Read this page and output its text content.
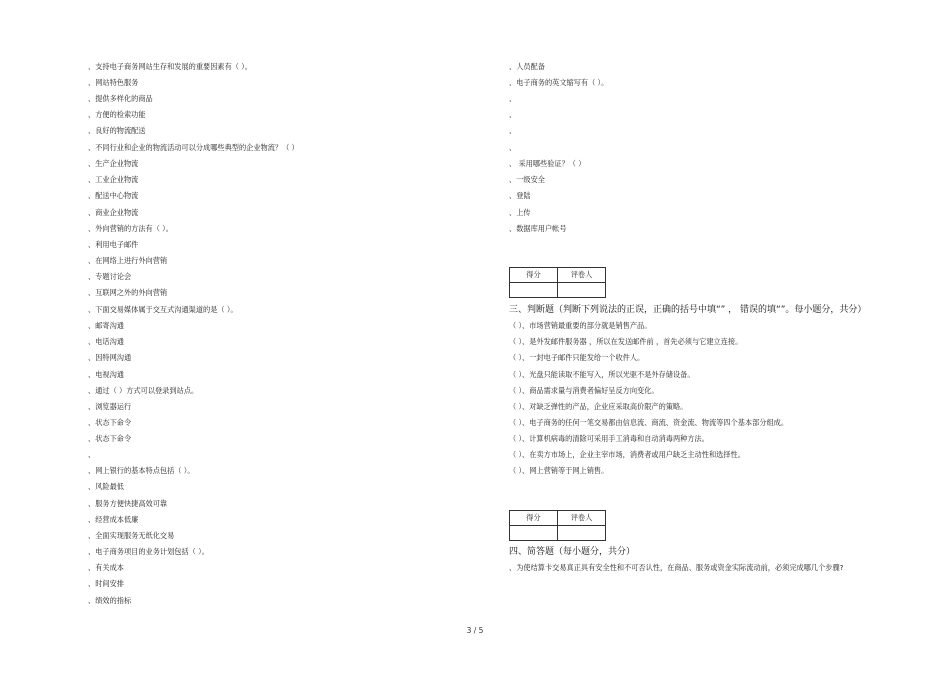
、支持电子商务网站生存和发展的重要因素有（ ）。
、网站特色服务
、提供多样化的商品
、方便的检索功能
、良好的物流配送
、不同行业和企业的物流活动可以分成哪些典型的企业物流？（ ）
、生产企业物流
、工业企业物流
、配送中心物流
、商业企业物流
、外向营销的方法有（ ）。
、利用电子邮件
、在网络上进行外向营销
、专题讨论会
、互联网之外的外向营销
、下面交易媒体属于交互式沟通渠道的是（ ）。
、邮寄沟通
、电话沟通
、因特网沟通
、电视沟通
、通过（ ）方式可以登录到站点。
、浏览器运行
、状态下命令
、状态下命令
、
、网上银行的基本特点包括（ ）。
、风险最低
、服务方便快捷高效可靠
、经营成本低廉
、全面实现服务无纸化交易
、电子商务项目的业务计划包括（ ）。
、有关成本
、时间安排
、绩效的指标
、人员配备
、电子商务的英文缩写有（ ）。
、
、
、
、
、 采用哪些验证？（ ）
、一级安全
、登陆
、上传
、数据库用户帐号
得分	评卷人

三、判断题（判断下列说法的正误，正确的括号中填“” ， 错误的填“”。每小题分，共分）
（ ）、市场营销最重要的部分就是销售产品。
（ ）、是外发邮件服务器 ，所以在发送邮件前 ，首先必须与它建立连接。
（ ）、一封电子邮件只能发给一个收件人。
（ ）、光盘只能读取不能写入，所以光驱不是外存储设备。
（ ）、商品需求量与消费者偏好呈反方向变化。
（ ）、对缺乏弹性的产品，企业应采取高价限产的策略。
（ ）、电子商务的任何一笔交易都由信息流、商流、资金流、物流等四个基本部分组成。
（ ）、计算机病毒的清除可采用手工消毒和自动消毒两种方法。
（ ）、在卖方市场上，企业主宰市场，消费者或用户缺乏主动性和选择性。
（ ）、网上营销等于网上销售。
得分	评卷人

四、简答题（每小题分，共分）
、为使结算卡交易真正具有安全性和不可否认性，在商品、服务或资金实际流动前，必须完成哪几个步骤?
3 / 5
